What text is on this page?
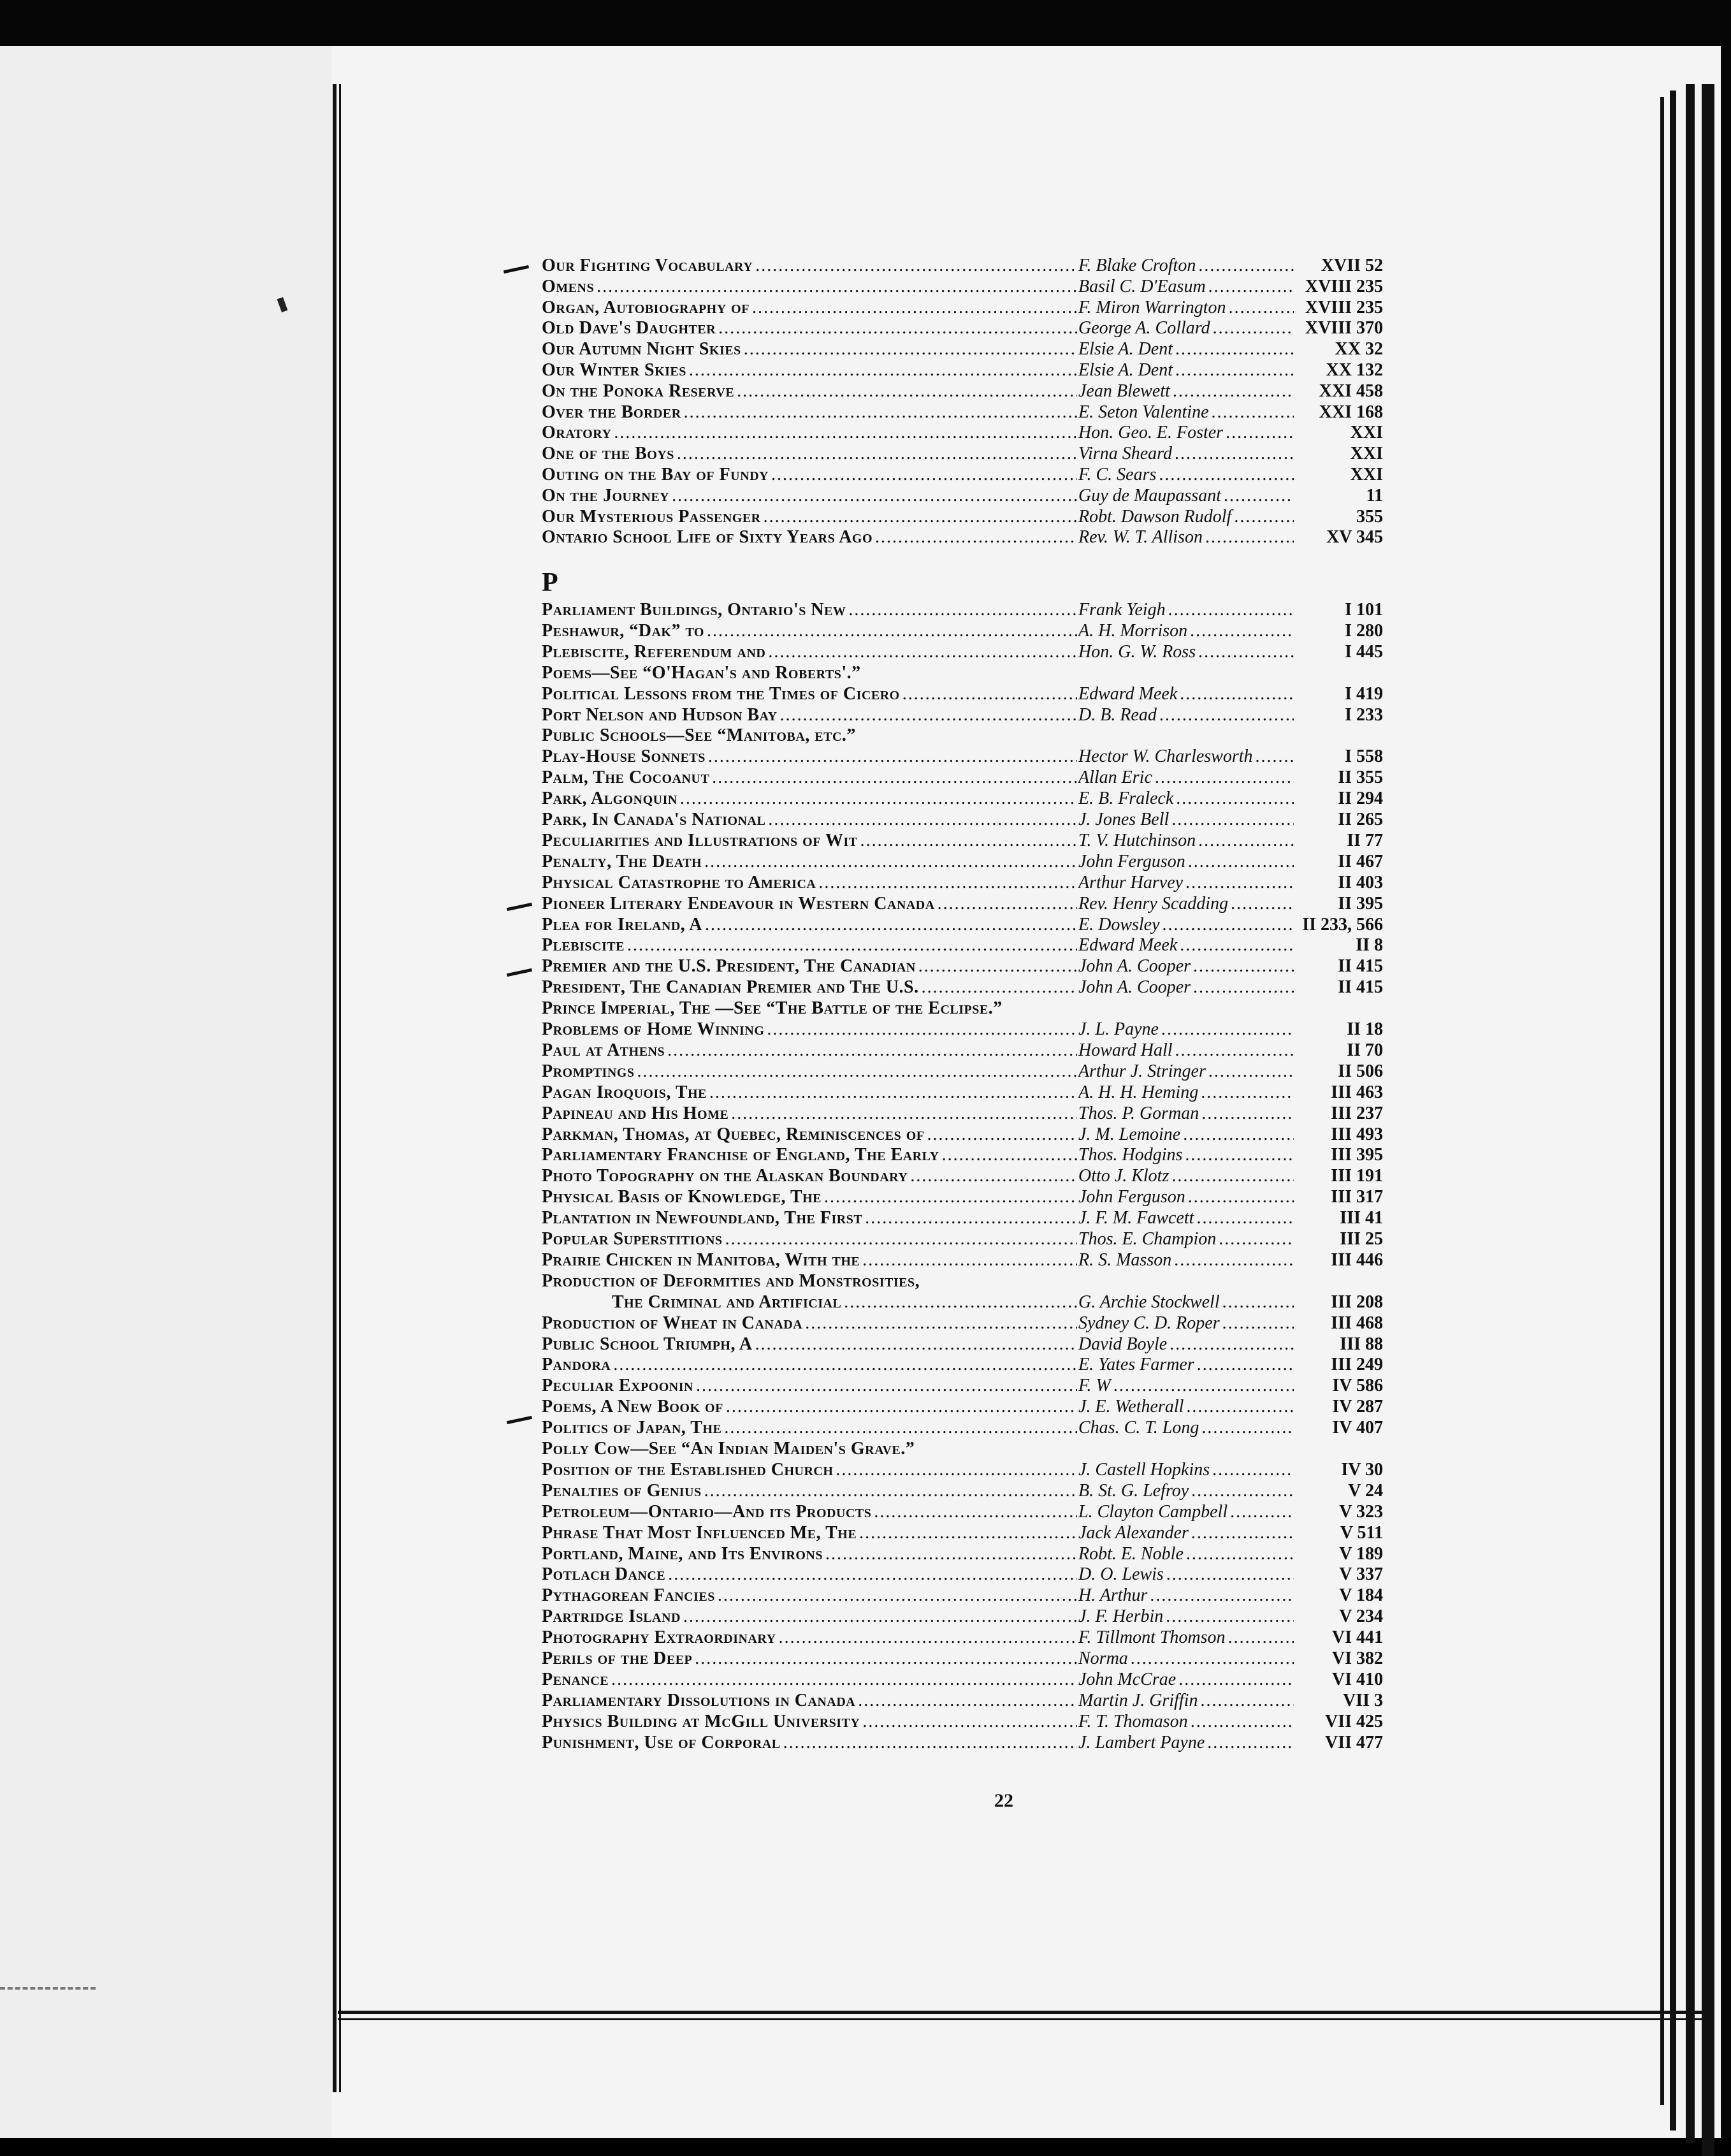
Our Fighting Vocabulary .....	F. Blake Crofton .....	XVII 52
Omens .....	Basil C. D'Easum .....	XVIII 235
Organ, Autobiography of .....	F. Miron Warrington .....	XVIII 235
Old Dave's Daughter .....	George A. Collard .....	XVIII 370
Our Autumn Night Skies .....	Elsie A. Dent .....	XX 32
Our Winter Skies .....	Elsie A. Dent .....	XX 132
On the Ponoka Reserve .....	Jean Blewett .....	XXI 458
Over the Border .....	E. Seton Valentine .....	XXI 168
Oratory .....	Hon. Geo. E. Foster .....	XXI
One of the Boys .....	Virna Sheard .....	XXI
Outing on the Bay of Fundy .....	F. C. Sears .....	XXI
On the Journey .....	Guy de Maupassant .....	11
Our Mysterious Passenger .....	Robt. Dawson Rudolf .....	355
Ontario School Life of Sixty Years Ago .....	Rev. W. T. Allison .....	XV 345
P
Parliament Buildings, Ontario's New .....	Frank Yeigh .....	I 101
Peshawur, “Dak” to .....	A. H. Morrison .....	I 280
Plebiscite, Referendum and .....	Hon. G. W. Ross .....	I 445
Poems—See “O'Hagan's and Roberts'.”
Political Lessons from the Times of Cicero .....	Edward Meek .....	I 419
Port Nelson and Hudson Bay .....	D. B. Read .....	I 233
Public Schools—See “Manitoba, etc.”
Play-House Sonnets .....	Hector W. Charlesworth .....	I 558
Palm, The Cocoanut .....	Allan Eric .....	II 355
Park, Algonquin .....	E. B. Fraleck .....	II 294
Park, In Canada's National .....	J. Jones Bell .....	II 265
Peculiarities and Illustrations of Wit .....	T. V. Hutchinson .....	II 77
Penalty, The Death .....	John Ferguson .....	II 467
Physical Catastrophe to America .....	Arthur Harvey .....	II 403
Pioneer Literary Endeavour in Western Canada .....	Rev. Henry Scadding .....	II 395
Plea for Ireland, A .....	E. Dowsley .....	II 233, 566
Plebiscite .....	Edward Meek .....	II 8
Premier and the U.S. President, The Canadian .....	John A. Cooper .....	II 415
President, The Canadian Premier and The U.S. .....	John A. Cooper .....	II 415
Prince Imperial, The —See “The Battle of the Eclipse.”
Problems of Home Winning .....	J. L. Payne .....	II 18
Paul at Athens .....	Howard Hall .....	II 70
Promptings .....	Arthur J. Stringer .....	II 506
Pagan Iroquois, The .....	A. H. H. Heming .....	III 463
Papineau and His Home .....	Thos. P. Gorman .....	III 237
Parkman, Thomas, at Quebec, Reminiscences of .....	J. M. Lemoine .....	III 493
Parliamentary Franchise of England, The Early .....	Thos. Hodgins .....	III 395
Photo Topography on the Alaskan Boundary .....	Otto J. Klotz .....	III 191
Physical Basis of Knowledge, The .....	John Ferguson .....	III 317
Plantation in Newfoundland, The First .....	J. F. M. Fawcett .....	III 41
Popular Superstitions .....	Thos. E. Champion .....	III 25
Prairie Chicken in Manitoba, With the .....	R. S. Masson .....	III 446
Production of Deformities and Monstrosities,
The Criminal and Artificial .....	G. Archie Stockwell .....	III 208
Production of Wheat in Canada .....	Sydney C. D. Roper .....	III 468
Public School Triumph, A .....	David Boyle .....	III 88
Pandora .....	E. Yates Farmer .....	III 249
Peculiar Expoonin .....	F. W .....	IV 586
Poems, A New Book of .....	J. E. Wetherall .....	IV 287
Politics of Japan, The .....	Chas. C. T. Long .....	IV 407
Polly Cow—See “An Indian Maiden's Grave.”
Position of the Established Church .....	J. Castell Hopkins .....	IV 30
Penalties of Genius .....	B. St. G. Lefroy .....	V 24
Petroleum—Ontario—And its Products .....	L. Clayton Campbell .....	V 323
Phrase That Most Influenced Me, The .....	Jack Alexander .....	V 511
Portland, Maine, and Its Environs .....	Robt. E. Noble .....	V 189
Potlach Dance .....	D. O. Lewis .....	V 337
Pythagorean Fancies .....	H. Arthur .....	V 184
Partridge Island .....	J. F. Herbin .....	V 234
Photography Extraordinary .....	F. Tillmont Thomson .....	VI 441
Perils of the Deep .....	Norma .....	VI 382
Penance .....	John McCrae .....	VI 410
Parliamentary Dissolutions in Canada .....	Martin J. Griffin .....	VII 3
Physics Building at McGill University .....	F. T. Thomason .....	VII 425
Punishment, Use of Corporal .....	J. Lambert Payne .....	VII 477
22
